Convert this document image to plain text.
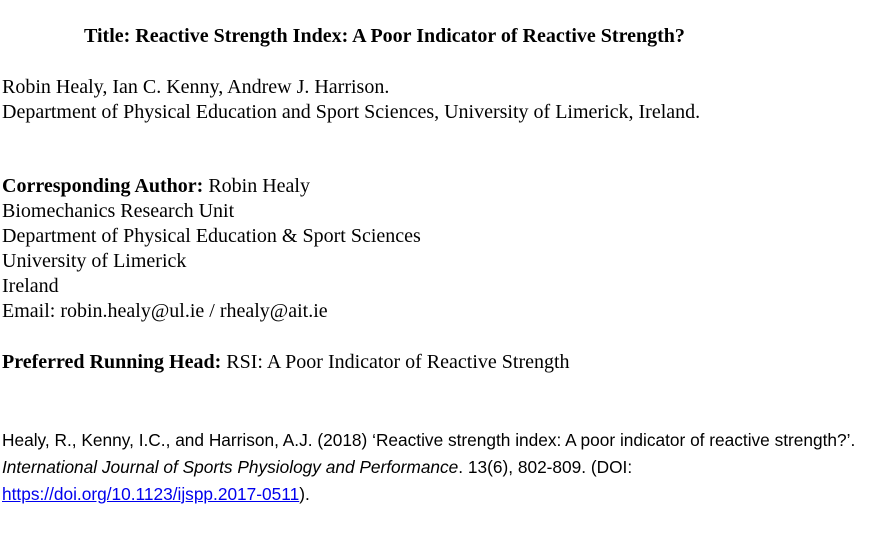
Title: Reactive Strength Index: A Poor Indicator of Reactive Strength?
Robin Healy, Ian C. Kenny, Andrew J. Harrison.
Department of Physical Education and Sport Sciences, University of Limerick, Ireland.
Corresponding Author: Robin Healy
Biomechanics Research Unit
Department of Physical Education & Sport Sciences
University of Limerick
Ireland
Email: robin.healy@ul.ie / rhealy@ait.ie
Preferred Running Head: RSI: A Poor Indicator of Reactive Strength
Healy, R., Kenny, I.C., and Harrison, A.J. (2018) ‘Reactive strength index: A poor indicator of reactive strength?’. International Journal of Sports Physiology and Performance. 13(6), 802-809. (DOI: https://doi.org/10.1123/ijspp.2017-0511).
